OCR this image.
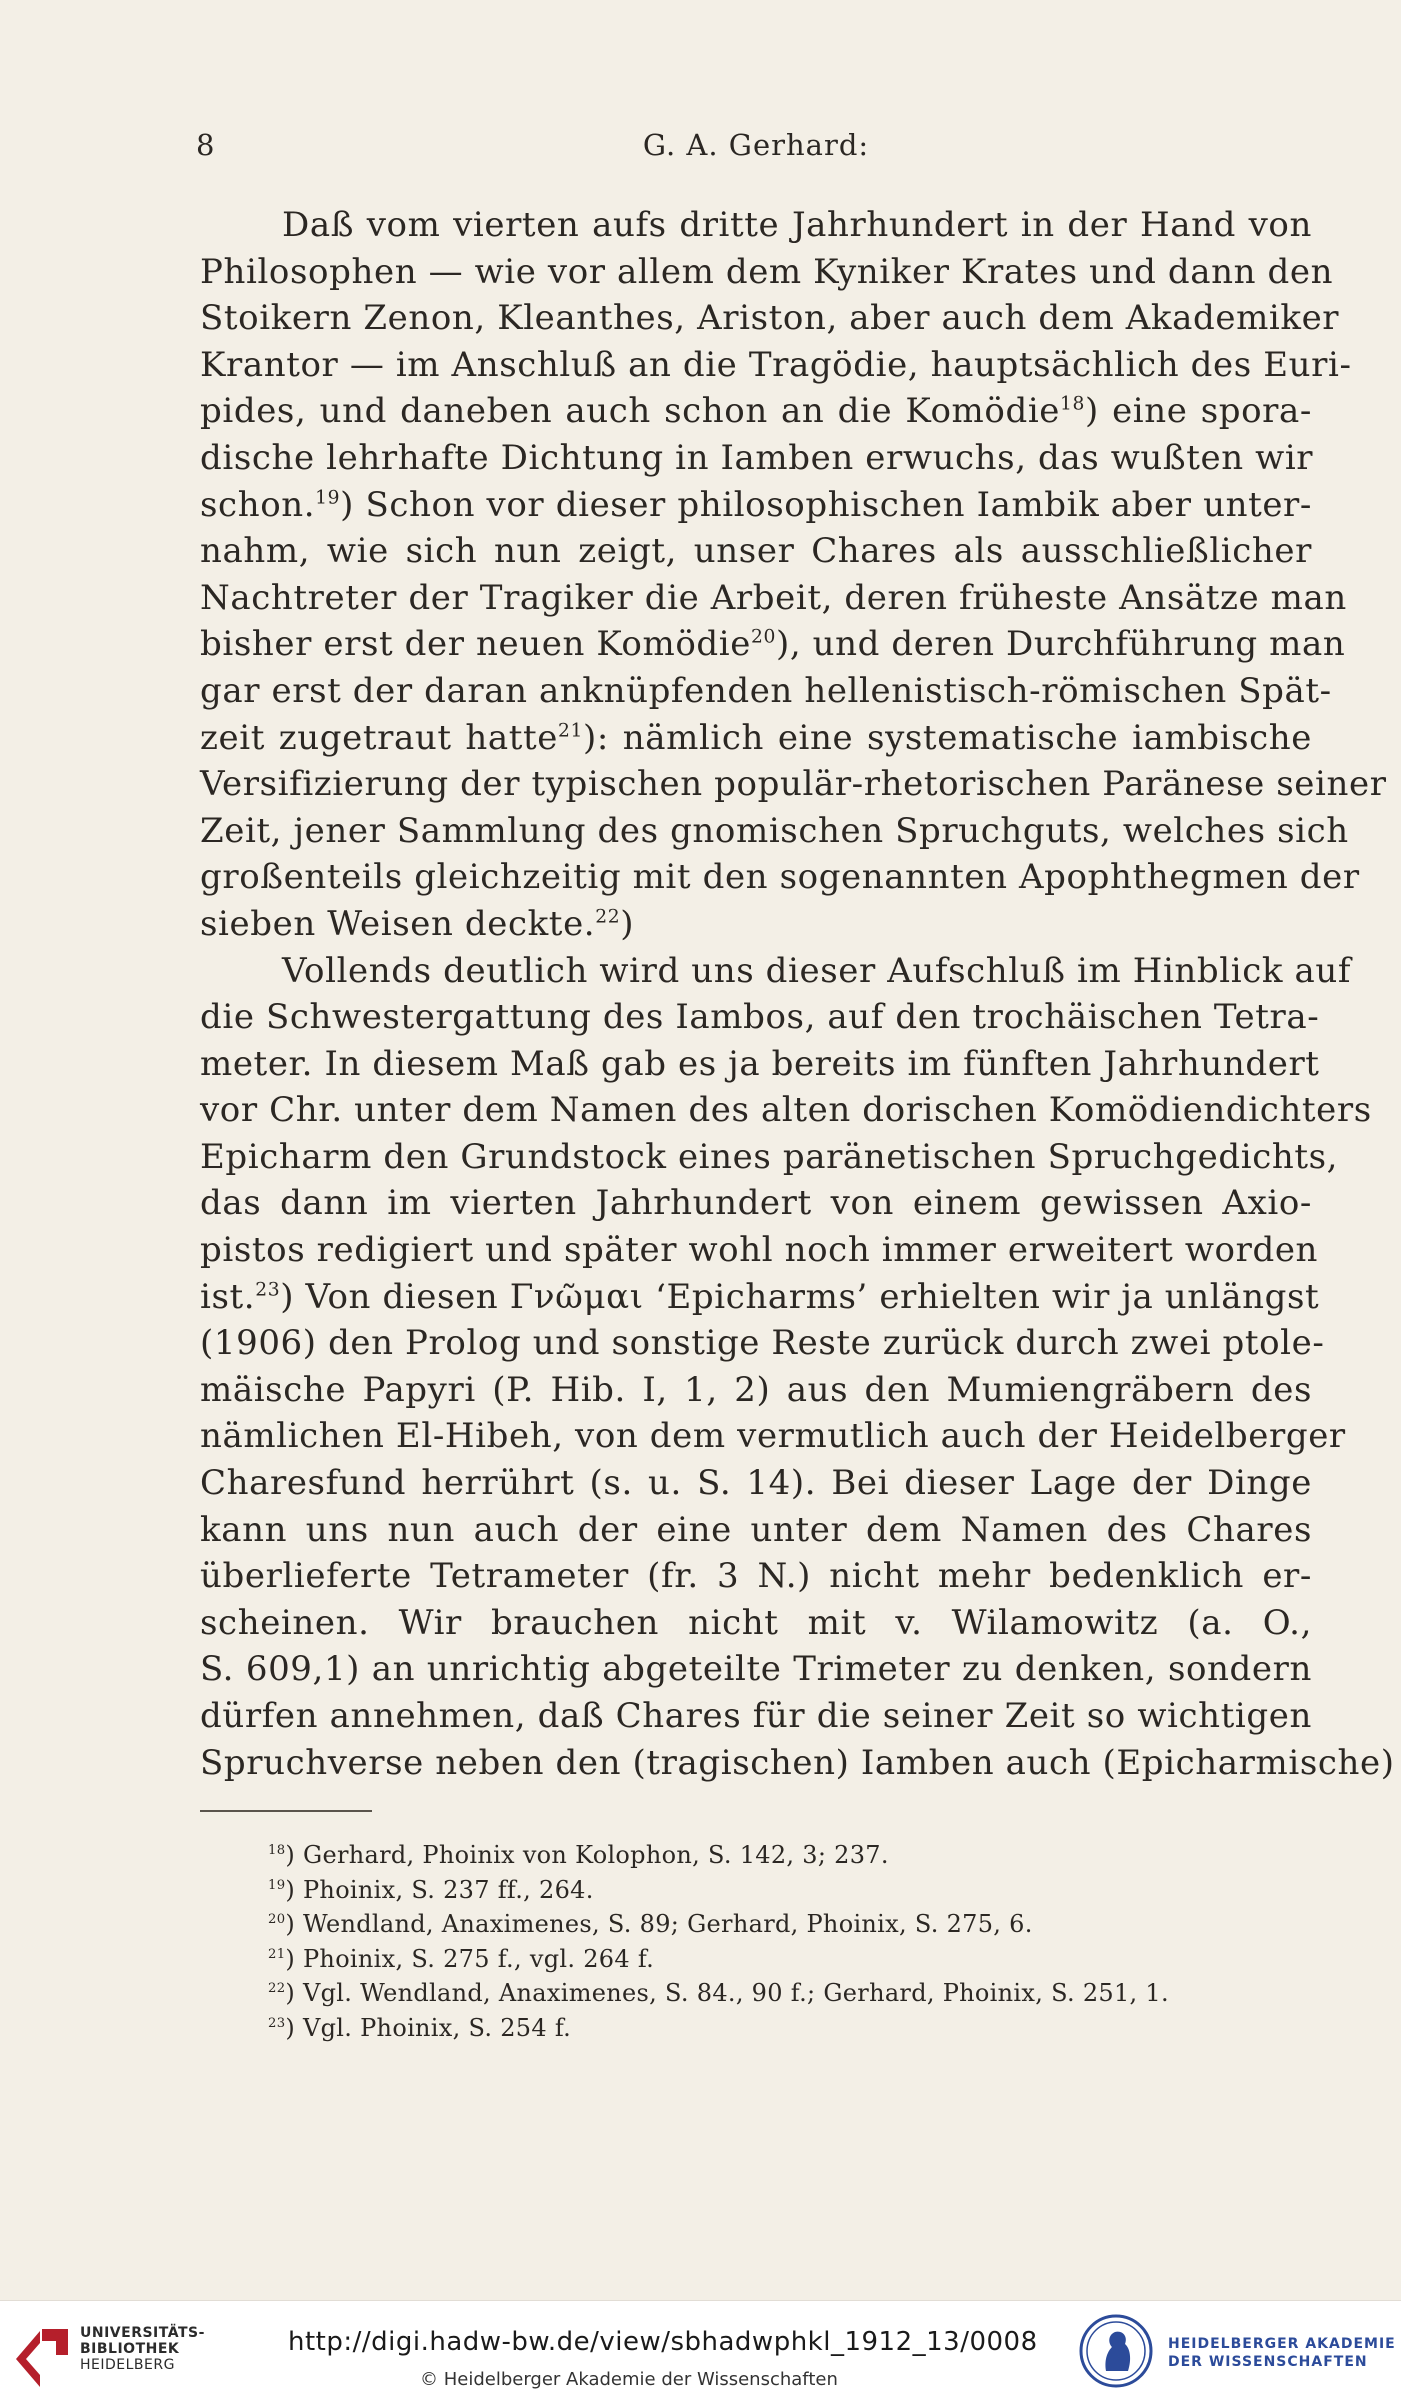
8	G. A. Gerhard:
Daß vom vierten aufs dritte Jahrhundert in der Hand von
Philosophen — wie vor allem dem Kyniker Krates und dann den
Stoikern Zenon, Kleanthes, Ariston, aber auch dem Akademiker
Krantor — im Anschluß an die Tragödie, hauptsächlich des Euri-
pides, und daneben auch schon an die Komödie$^{18}$) eine spora-
dische lehrhafte Dichtung in Iamben erwuchs, das wußten wir
schon.$^{19}$) Schon vor dieser philosophischen Iambik aber unter-
nahm, wie sich nun zeigt, unser Chares als ausschließlicher
Nachtreter der Tragiker die Arbeit, deren früheste Ansätze man
bisher erst der neuen Komödie$^{20}$), und deren Durchführung man
gar erst der daran anknüpfenden hellenistisch-römischen Spät-
zeit zugetraut hatte$^{21}$): nämlich eine systematische iambische
Versifizierung der typischen populär-rhetorischen Paränese seiner
Zeit, jener Sammlung des gnomischen Spruchguts, welches sich
großenteils gleichzeitig mit den sogenannten Apophthegmen der
sieben Weisen deckte.$^{22}$)
Vollends deutlich wird uns dieser Aufschluß im Hinblick auf
die Schwestergattung des Iambos, auf den trochäischen Tetra-
meter. In diesem Maß gab es ja bereits im fünften Jahrhundert
vor Chr. unter dem Namen des alten dorischen Komödiendichters
Epicharm den Grundstock eines paränetischen Spruchgedichts,
das dann im vierten Jahrhundert von einem gewissen Axio-
pistos redigiert und später wohl noch immer erweitert worden
ist.$^{23}$) Von diesen Γνῶμαι ‘Epicharms’ erhielten wir ja unlängst
(1906) den Prolog und sonstige Reste zurück durch zwei ptole-
mäische Papyri (P. Hib. I, 1, 2) aus den Mumiengräbern des
nämlichen El-Hibeh, von dem vermutlich auch der Heidelberger
Charesfund herrührt (s. u. S. 14). Bei dieser Lage der Dinge
kann uns nun auch der eine unter dem Namen des Chares
überlieferte Tetrameter (fr. 3 N.) nicht mehr bedenklich er-
scheinen. Wir brauchen nicht mit v. Wilamowitz (a. O.,
S. 609,1) an unrichtig abgeteilte Trimeter zu denken, sondern
dürfen annehmen, daß Chares für die seiner Zeit so wichtigen
Spruchverse neben den (tragischen) Iamben auch (Epicharmische)
$^{18}$) Gerhard, Phoinix von Kolophon, S. 142, 3; 237.
$^{19}$) Phoinix, S. 237 ff., 264.
$^{20}$) Wendland, Anaximenes, S. 89; Gerhard, Phoinix, S. 275, 6.
$^{21}$) Phoinix, S. 275 f., vgl. 264 f.
$^{22}$) Vgl. Wendland, Anaximenes, S. 84., 90 f.; Gerhard, Phoinix, S. 251, 1.
$^{23}$) Vgl. Phoinix, S. 254 f.
UNIVERSITÄTS-
BIBLIOTHEK
HEIDELBERG
http://digi.hadw-bw.de/view/sbhadwphkl_1912_13/0008
© Heidelberger Akademie der Wissenschaften
HEIDELBERGER AKADEMIE
DER WISSENSCHAFTEN
